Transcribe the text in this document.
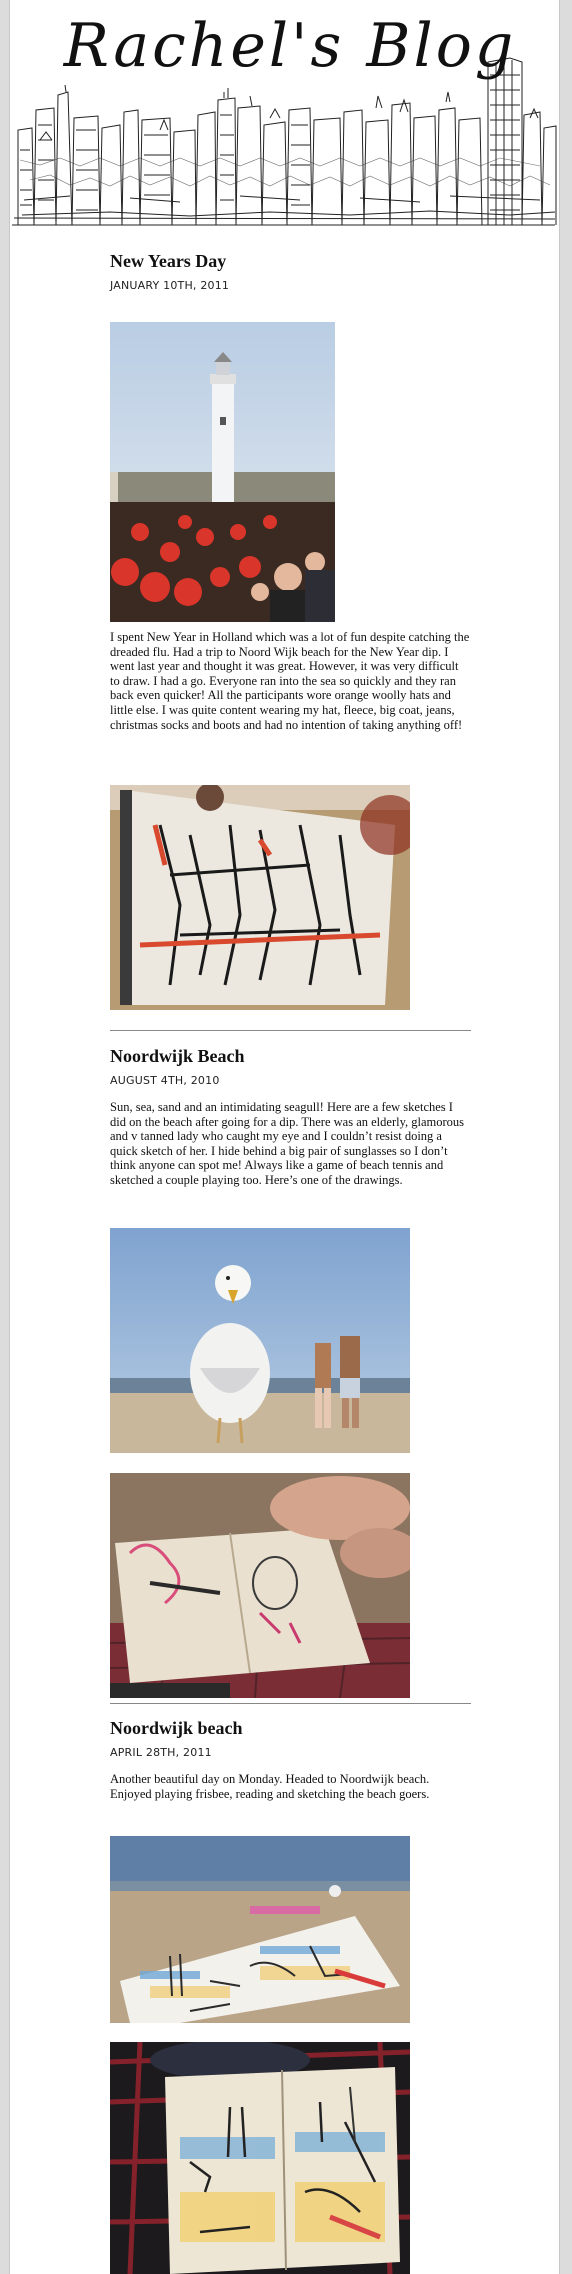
Rachel's Blog
New Years Day
JANUARY 10TH, 2011

I spent New Year in Holland which was a lot of fun despite catching the dreaded flu. Had a trip to Noord Wijk beach for the New Year dip. I went last year and thought it was great. However, it was very difficult to draw. I had a go. Everyone ran into the sea so quickly and they ran back even quicker! All the participants wore orange woolly hats and little else. I was quite content wearing my hat, fleece, big coat, jeans, christmas socks and boots and had no intention of taking anything off!

Noordwijk Beach
AUGUST 4TH, 2010

Sun, sea, sand and an intimidating seagull! Here are a few sketches I did on the beach after going for a dip. There was an elderly, glamorous and v tanned lady who caught my eye and I couldn’t resist doing a quick sketch of her. I hide behind a big pair of sunglasses so I don’t think anyone can spot me! Always like a game of beach tennis and sketched a couple playing too. Here’s one of the drawings.

Noordwijk beach
APRIL 28TH, 2011

Another beautiful day on Monday. Headed to Noordwijk beach. Enjoyed playing frisbee, reading and sketching the beach goers.
